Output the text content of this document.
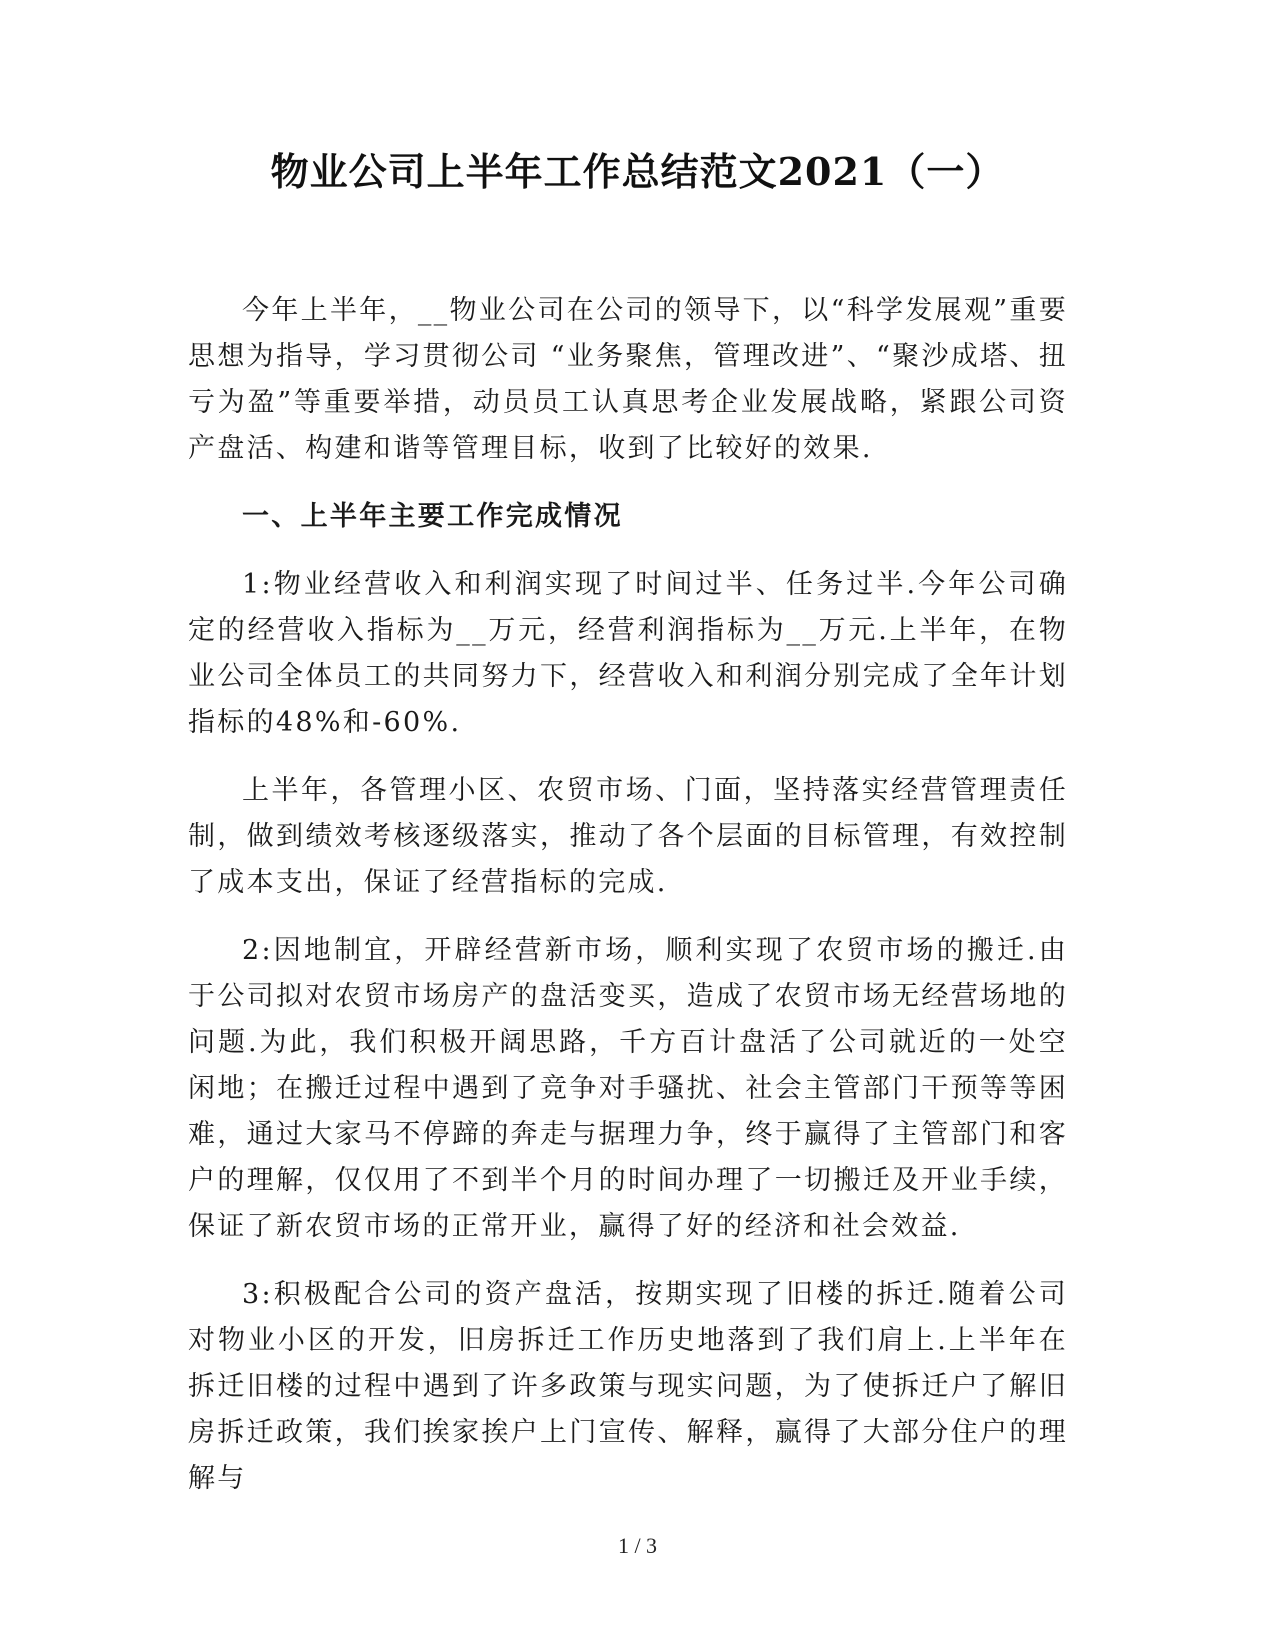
物业公司上半年工作总结范文2021（一）

今年上半年，__物业公司在公司的领导下，以“科学发展观”重要思想为指导，学习贯彻公司 “业务聚焦，管理改进”、“聚沙成塔、扭亏为盈”等重要举措，动员员工认真思考企业发展战略，紧跟公司资产盘活、构建和谐等管理目标，收到了比较好的效果.

一、上半年主要工作完成情况

1:物业经营收入和利润实现了时间过半、任务过半.今年公司确定的经营收入指标为__万元，经营利润指标为__万元.上半年，在物业公司全体员工的共同努力下，经营收入和利润分别完成了全年计划指标的48%和-60%.

上半年，各管理小区、农贸市场、门面，坚持落实经营管理责任制，做到绩效考核逐级落实，推动了各个层面的目标管理，有效控制了成本支出，保证了经营指标的完成.

2:因地制宜，开辟经营新市场，顺利实现了农贸市场的搬迁.由于公司拟对农贸市场房产的盘活变买，造成了农贸市场无经营场地的问题.为此，我们积极开阔思路，千方百计盘活了公司就近的一处空闲地；在搬迁过程中遇到了竞争对手骚扰、社会主管部门干预等等困难，通过大家马不停蹄的奔走与据理力争，终于赢得了主管部门和客户的理解，仅仅用了不到半个月的时间办理了一切搬迁及开业手续，保证了新农贸市场的正常开业，赢得了好的经济和社会效益.

3:积极配合公司的资产盘活，按期实现了旧楼的拆迁.随着公司对物业小区的开发，旧房拆迁工作历史地落到了我们肩上.上半年在拆迁旧楼的过程中遇到了许多政策与现实问题，为了使拆迁户了解旧房拆迁政策，我们挨家挨户上门宣传、解释，赢得了大部分住户的理解与

1 / 3
